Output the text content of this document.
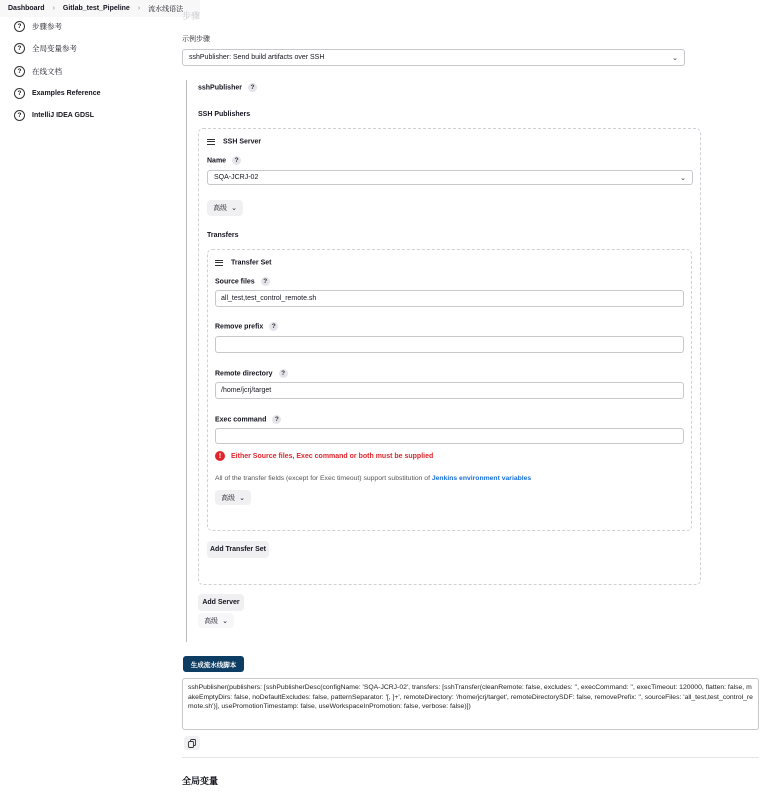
Dashboard › Gitlab_test_Pipeline › 流水线语法
步骤
?	步骤参考
?	全局变量参考
?	在线文档
?	Examples Reference
?	IntelliJ IDEA GDSL
示例步骤
sshPublisher: Send build artifacts over SSH	⌄
sshPublisher ?
SSH Publishers
SSH Server
Name ?
SQA-JCRJ-02	⌄
高级 ⌄
Transfers
Transfer Set
Source files ?
all_test,test_control_remote.sh
Remove prefix ?
Remote directory ?
/home/jcrj/target
Exec command ?
!	Either Source files, Exec command or both must be supplied
All of the transfer fields (except for Exec timeout) support substitution of Jenkins environment variables
高级 ⌄
Add Transfer Set
Add Server
高级 ⌄
生成流水线脚本
sshPublisher(publishers: [sshPublisherDesc(configName: 'SQA-JCRJ-02', transfers: [sshTransfer(cleanRemote: false, excludes: '', execCommand: '', execTimeout: 120000, flatten: false, makeEmptyDirs: false, noDefaultExcludes: false, patternSeparator: '[, ]+', remoteDirectory: '/home/jcrj/target', remoteDirectorySDF: false, removePrefix: '', sourceFiles: 'all_test,test_control_remote.sh')], usePromotionTimestamp: false, useWorkspaceInPromotion: false, verbose: false)])
全局变量
